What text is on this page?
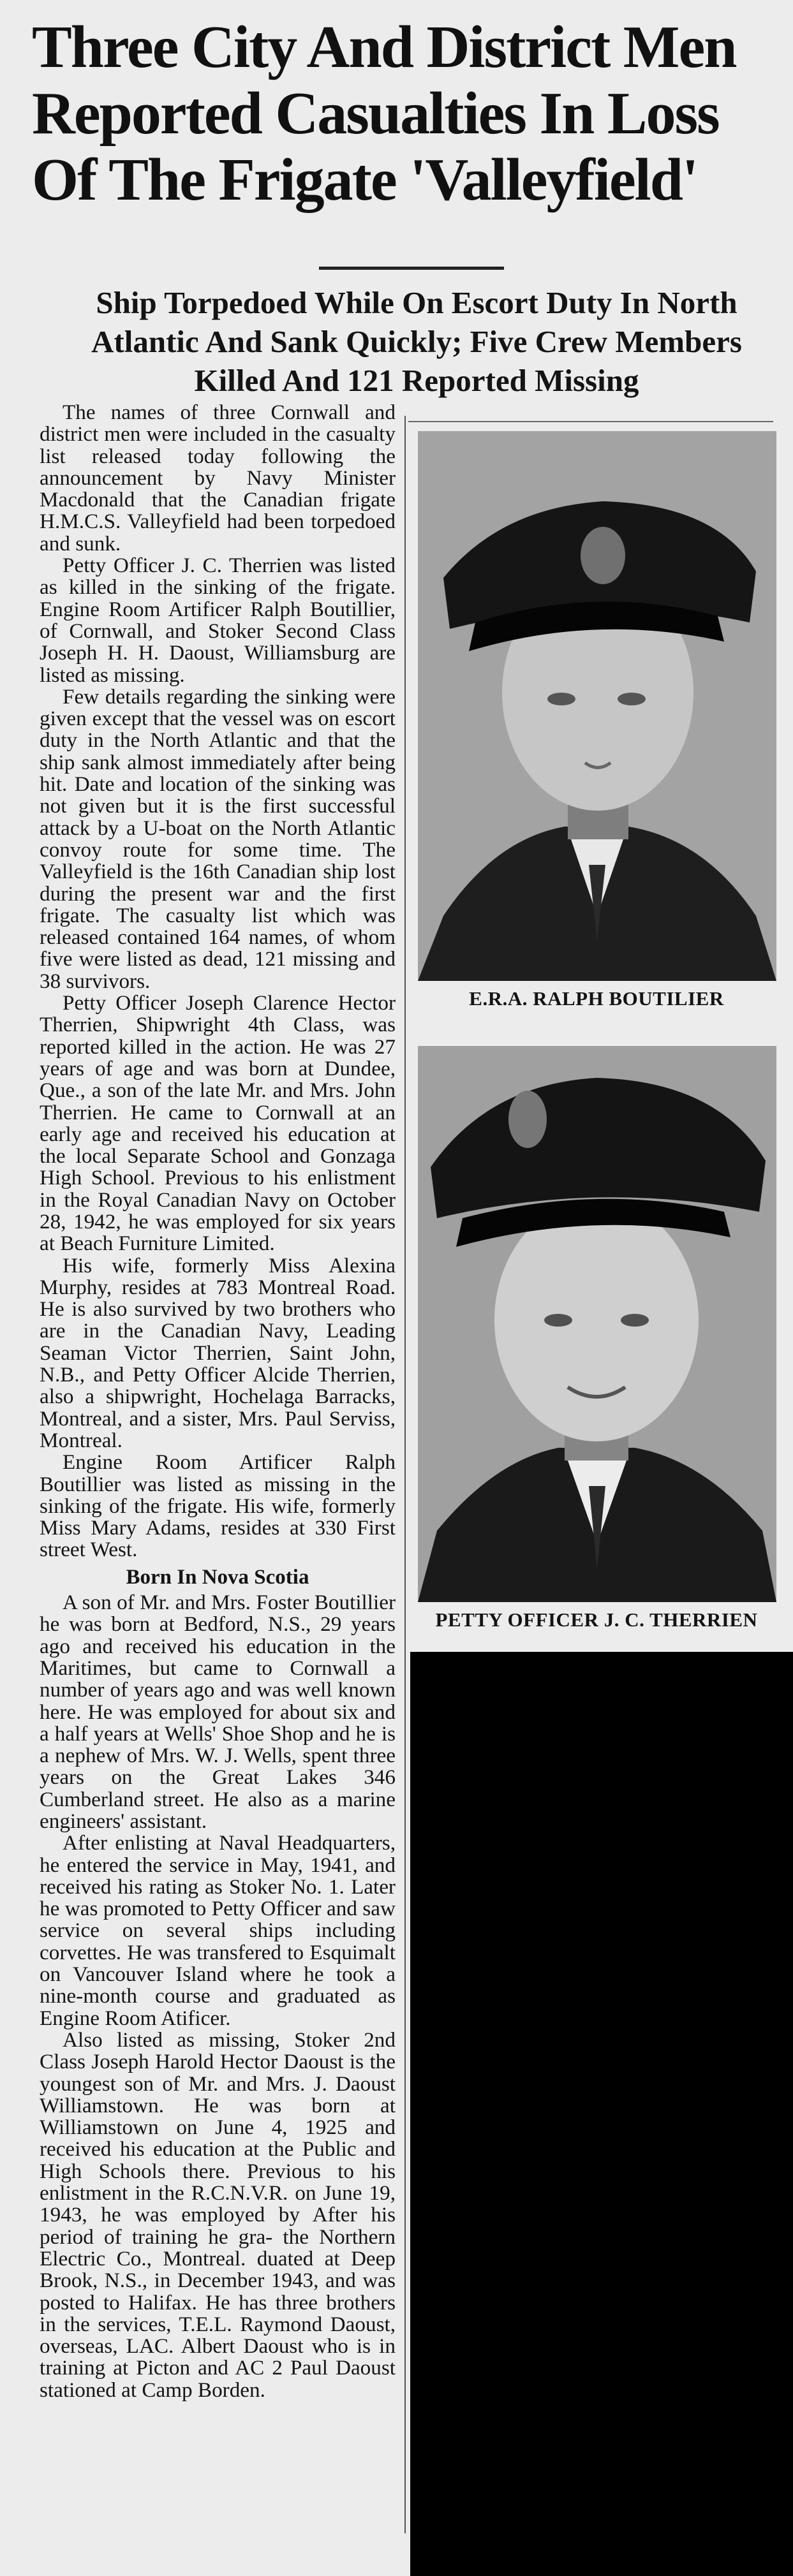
Three City And District Men Reported Casualties In Loss Of The Frigate 'Valleyfield'
Ship Torpedoed While On Escort Duty In North Atlantic And Sank Quickly; Five Crew Members Killed And 121 Reported Missing

The names of three Cornwall and district men were included in the casualty list released today following the announcement by Navy Minister Macdonald that the Canadian frigate H.M.C.S. Valleyfield had been torpedoed and sunk.

Petty Officer J. C. Therrien was listed as killed in the sinking of the frigate. Engine Room Artificer Ralph Boutillier, of Cornwall, and Stoker Second Class Joseph H. H. Daoust, Williamsburg are listed as missing.

Few details regarding the sinking were given except that the vessel was on escort duty in the North Atlantic and that the ship sank almost immediately after being hit. Date and location of the sinking was not given but it is the first successful attack by a U-boat on the North Atlantic convoy route for some time. The Valleyfield is the 16th Canadian ship lost during the present war and the first frigate. The casualty list which was released contained 164 names, of whom five were listed as dead, 121 missing and 38 survivors.

Petty Officer Joseph Clarence Hector Therrien, Shipwright 4th Class, was reported killed in the action. He was 27 years of age and was born at Dundee, Que., a son of the late Mr. and Mrs. John Therrien. He came to Cornwall at an early age and received his education at the local Separate School and Gonzaga High School. Previous to his enlistment in the Royal Canadian Navy on October 28, 1942, he was employed for six years at Beach Furniture Limited.

His wife, formerly Miss Alexina Murphy, resides at 783 Montreal Road. He is also survived by two brothers who are in the Canadian Navy, Leading Seaman Victor Therrien, Saint John, N.B., and Petty Officer Alcide Therrien, also a shipwright, Hochelaga Barracks, Montreal, and a sister, Mrs. Paul Serviss, Montreal.

Engine Room Artificer Ralph Boutillier was listed as missing in the sinking of the frigate. His wife, formerly Miss Mary Adams, resides at 330 First street West.

Born In Nova Scotia

A son of Mr. and Mrs. Foster Boutillier he was born at Bedford, N.S., 29 years ago and received his education in the Maritimes, but came to Cornwall a number of years ago and was well known here. He was employed for about six and a half years at Wells' Shoe Shop and he is a nephew of Mrs. W. J. Wells, spent three years on the Great Lakes 346 Cumberland street. He also as a marine engineers' assistant.

After enlisting at Naval Headquarters, he entered the service in May, 1941, and received his rating as Stoker No. 1. Later he was promoted to Petty Officer and saw service on several ships including corvettes. He was transfered to Esquimalt on Vancouver Island where he took a nine-month course and graduated as Engine Room Atificer.

Also listed as missing, Stoker 2nd Class Joseph Harold Hector Daoust is the youngest son of Mr. and Mrs. J. Daoust Williamstown. He was born at Williamstown on June 4, 1925 and received his education at the Public and High Schools there. Previous to his enlistment in the R.C.N.V.R. on June 19, 1943, he was employed by After his period of training he gra- the Northern Electric Co., Montreal. duated at Deep Brook, N.S., in December 1943, and was posted to Halifax. He has three brothers in the services, T.E.L. Raymond Daoust, overseas, LAC. Albert Daoust who is in training at Picton and AC 2 Paul Daoust stationed at Camp Borden.

E.R.A. RALPH BOUTILIER

PETTY OFFICER J. C. THERRIEN
